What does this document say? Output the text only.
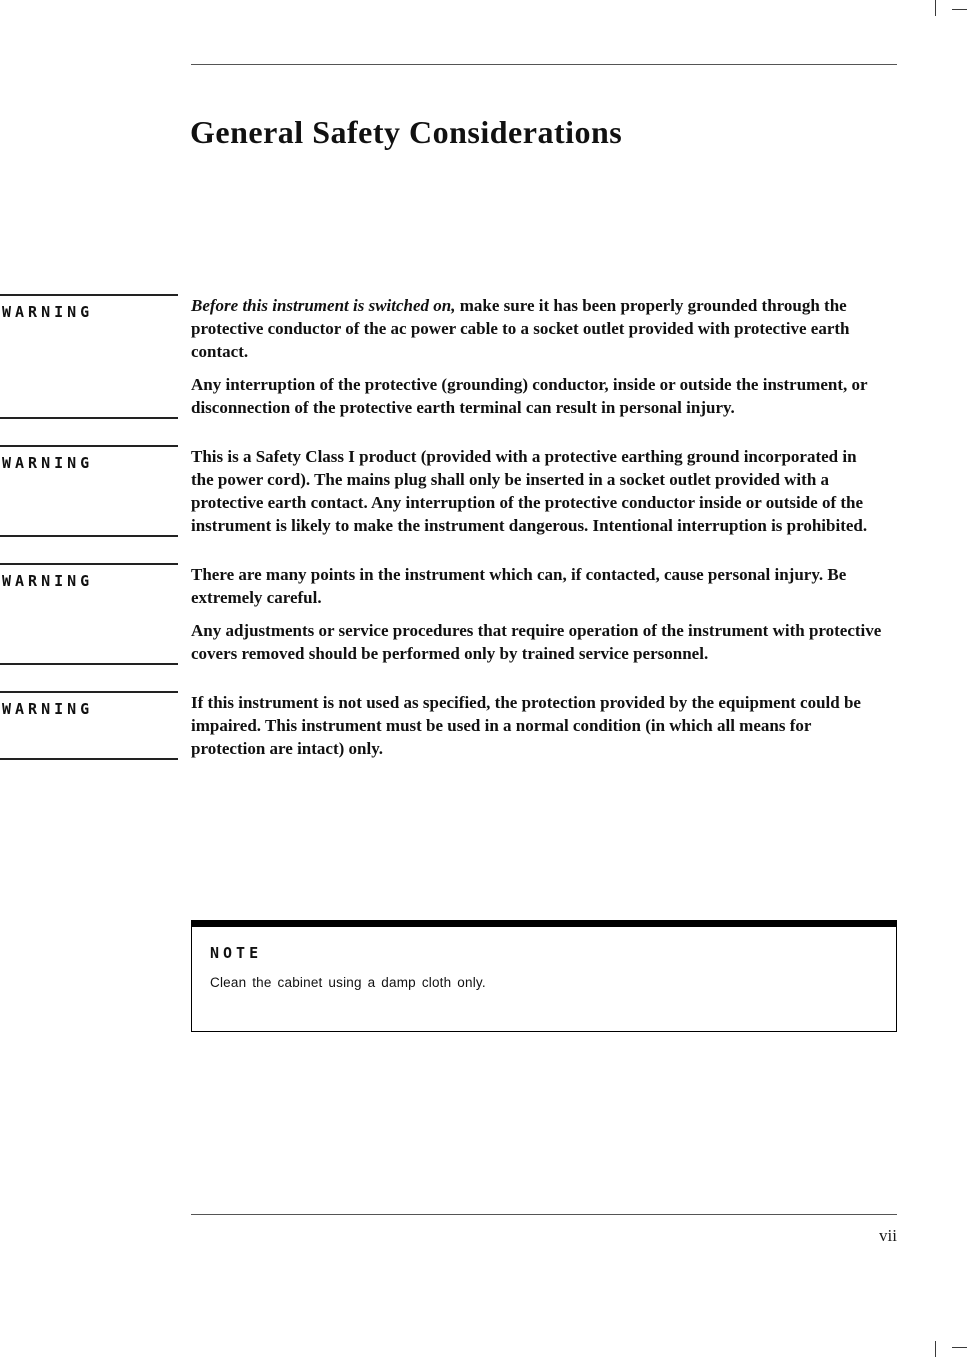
General Safety Considerations
WARNING	Before this instrument is switched on, make sure it has been properly grounded through the protective conductor of the ac power cable to a socket outlet provided with protective earth contact.

Any interruption of the protective (grounding) conductor, inside or outside the instrument, or disconnection of the protective earth terminal can result in personal injury.

WARNING	This is a Safety Class I product (provided with a protective earthing ground incorporated in the power cord). The mains plug shall only be inserted in a socket outlet provided with a protective earth contact. Any interruption of the protective conductor inside or outside of the instrument is likely to make the instrument dangerous. Intentional interruption is prohibited.

WARNING	There are many points in the instrument which can, if contacted, cause personal injury. Be extremely careful.

Any adjustments or service procedures that require operation of the instrument with protective covers removed should be performed only by trained service personnel.

WARNING	If this instrument is not used as specified, the protection provided by the equipment could be impaired. This instrument must be used in a normal condition (in which all means for protection are intact) only.

NOTE
Clean the cabinet using a damp cloth only.
vii
